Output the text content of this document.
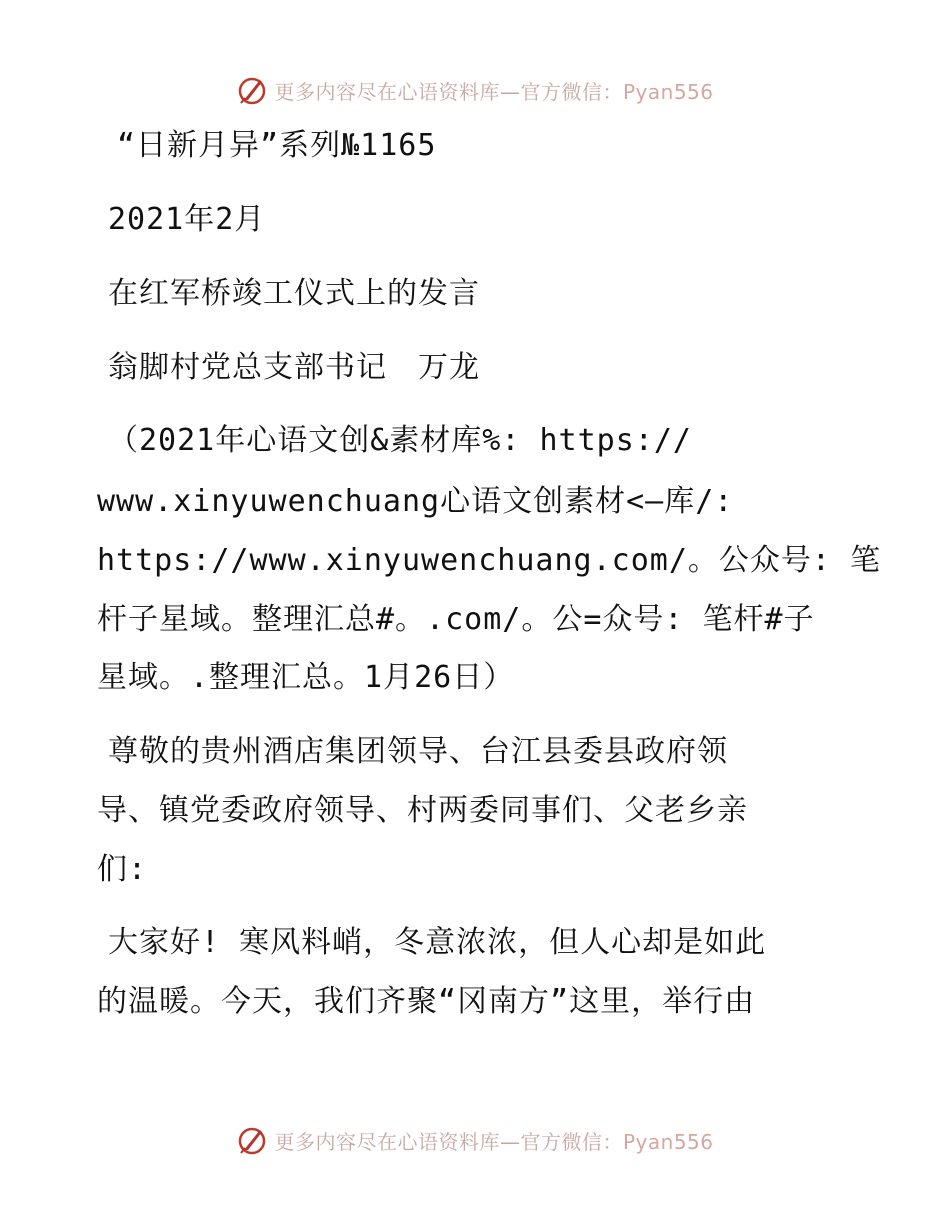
更多内容尽在心语资料库—官方微信：Pyan556
“日新月异”系列№1165
2021年2月
在红军桥竣工仪式上的发言
翁脚村党总支部书记　万龙
（2021年心语文创&素材库%: https://
www.xinyuwenchuang心语文创素材<—库/:
https://www.xinyuwenchuang.com/。公众号: 笔
杆子星域。整理汇总#。.com/。公=众号: 笔杆#子
星域。.整理汇总。1月26日）
尊敬的贵州酒店集团领导、台江县委县政府领
导、镇党委政府领导、村两委同事们、父老乡亲
们:
大家好! 寒风料峭，冬意浓浓，但人心却是如此
的温暖。今天，我们齐聚“冈南方”这里，举行由
更多内容尽在心语资料库—官方微信：Pyan556
